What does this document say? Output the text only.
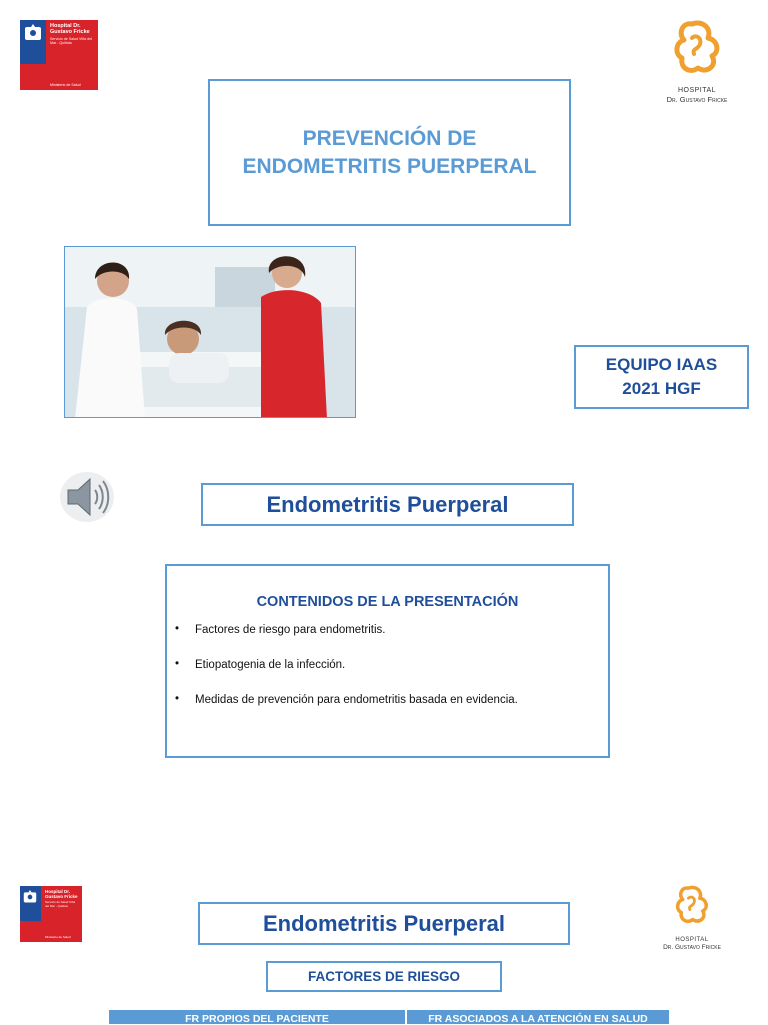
Hospital Dr. Gustavo Fricke
Servicio de Salud Viña del Mar - Quillota
Ministerio de Salud
HOSPITAL
Dr. Gustavo Fricke
PREVENCIÓN DE
ENDOMETRITIS PUERPERAL
EQUIPO IAAS
2021 HGF
Endometritis Puerperal
CONTENIDOS DE LA PRESENTACIÓN
• Factores de riesgo para endometritis.
• Etiopatogenia de la infección.
• Medidas de prevención para endometritis basada en evidencia.
Hospital Dr. Gustavo Fricke
Servicio de Salud Viña del Mar - Quillota
Ministerio de Salud	HOSPITAL
Dr. Gustavo Fricke
Endometritis Puerperal
FACTORES DE RIESGO
FR PROPIOS DEL PACIENTE	FR ASOCIADOS A LA ATENCIÓN EN SALUD
